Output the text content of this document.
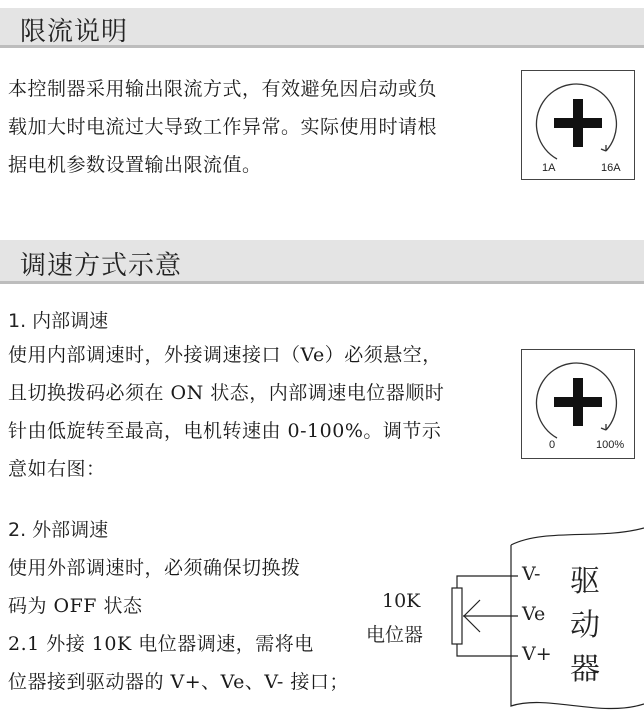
限流说明

本控制器采用输出限流方式，有效避免因启动或负
载加大时电流过大导致工作异常。实际使用时请根
据电机参数设置输出限流值。	1A	16A
调速方式示意
1. 内部调速

使用内部调速时，外接调速接口（Ve）必须悬空，
且切换拨码必须在 ON 状态，内部调速电位器顺时
针由低旋转至最高，电机转速由 0-100%。调节示
意如右图：

0	100%
2. 外部调速

使用外部调速时，必须确保切换拨
码为 OFF 状态
2.1 外接 10K 电位器调速，需将电
位器接到驱动器的 V+、Ve、V- 接口；

10K
电位器
V-
Ve
V+
驱
动
器
